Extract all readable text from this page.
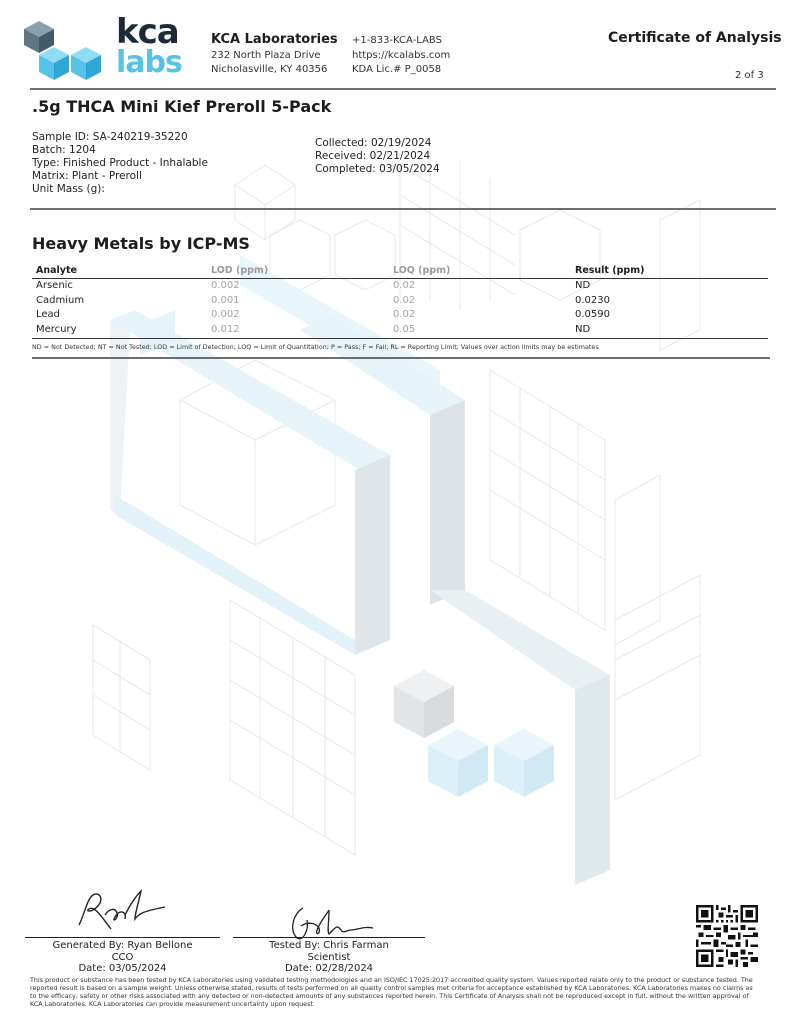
kca
labs
KCA Laboratories
232 North Plaza Drive
Nicholasville, KY 40356
+1-833-KCA-LABS
https://kcalabs.com
KDA Lic.# P_0058
Certificate of Analysis
2 of 3
.5g THCA Mini Kief Preroll 5-Pack
Sample ID: SA-240219-35220
Batch: 1204
Type: Finished Product - Inhalable
Matrix: Plant - Preroll
Unit Mass (g):
Collected: 02/19/2024
Received: 02/21/2024
Completed: 03/05/2024
Heavy Metals by ICP-MS
Analyte	LOD (ppm)	LOQ (ppm)	Result (ppm)
Arsenic	0.002	0.02	ND
Cadmium	0.001	0.02	0.0230
Lead	0.002	0.02	0.0590
Mercury	0.012	0.05	ND
ND = Not Detected; NT = Not Tested; LOD = Limit of Detection; LOQ = Limit of Quantitation; P = Pass; F = Fail; RL = Reporting Limit; Values over action limits may be estimates
Generated By: Ryan Bellone
CCO
Date: 03/05/2024
Tested By: Chris Farman
Scientist
Date: 02/28/2024
This product or substance has been tested by KCA Laboratories using validated testing methodologies and an ISO/IEC 17025:2017 accredited quality system. Values reported relate only to the product or substance tested. The reported result is based on a sample weight. Unless otherwise stated, results of tests performed on all quality control samples met criteria for acceptance established by KCA Laboratories. KCA Laboratories makes no claims as to the efficacy, safety or other risks associated with any detected or non-detected amounts of any substances reported herein. This Certificate of Analysis shall not be reproduced except in full, without the written approval of KCA Laboratories. KCA Laboratories can provide measurement uncertainty upon request.
